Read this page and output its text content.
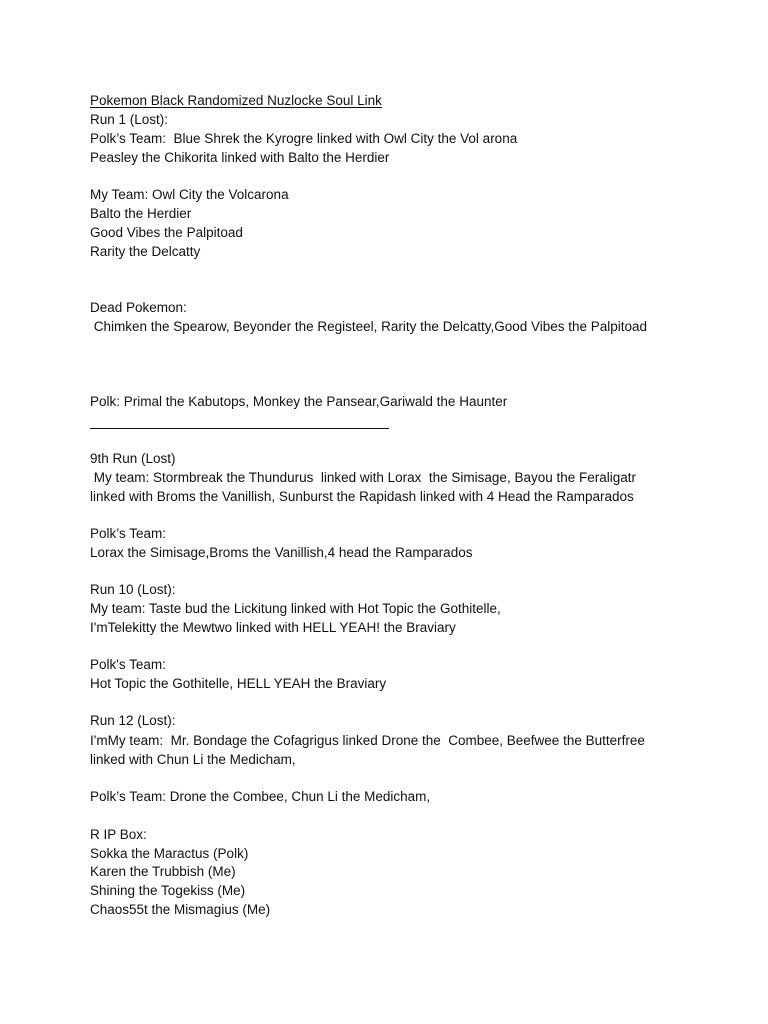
Pokemon Black Randomized Nuzlocke Soul Link
Run 1 (Lost):
Polk’s Team:  Blue Shrek the Kyrogre linked with Owl City the Vol arona
Peasley the Chikorita linked with Balto the Herdier
My Team: Owl City the Volcarona
Balto the Herdier
Good Vibes the Palpitoad
Rarity the Delcatty
Dead Pokemon:
Chimken the Spearow, Beyonder the Registeel, Rarity the Delcatty,Good Vibes the Palpitoad
Polk: Primal the Kabutops, Monkey the Pansear,Gariwald the Haunter
9th Run (Lost)
My team: Stormbreak the Thundurus  linked with Lorax  the Simisage, Bayou the Feraligatr
linked with Broms the Vanillish, Sunburst the Rapidash linked with 4 Head the Ramparados
Polk’s Team:
Lorax the Simisage,Broms the Vanillish,4 head the Ramparados
Run 10 (Lost):
My team: Taste bud the Lickitung linked with Hot Topic the Gothitelle,
I'mTelekitty the Mewtwo linked with HELL YEAH! the Braviary
Polk's Team:
Hot Topic the Gothitelle, HELL YEAH the Braviary
Run 12 (Lost):
I'mMy team:  Mr. Bondage the Cofagrigus linked Drone the  Combee, Beefwee the Butterfree
linked with Chun Li the Medicham,
Polk’s Team: Drone the Combee, Chun Li the Medicham,
R IP Box:
Sokka the Maractus (Polk)
Karen the Trubbish (Me)
Shining the Togekiss (Me)
Chaos55t the Mismagius (Me)
